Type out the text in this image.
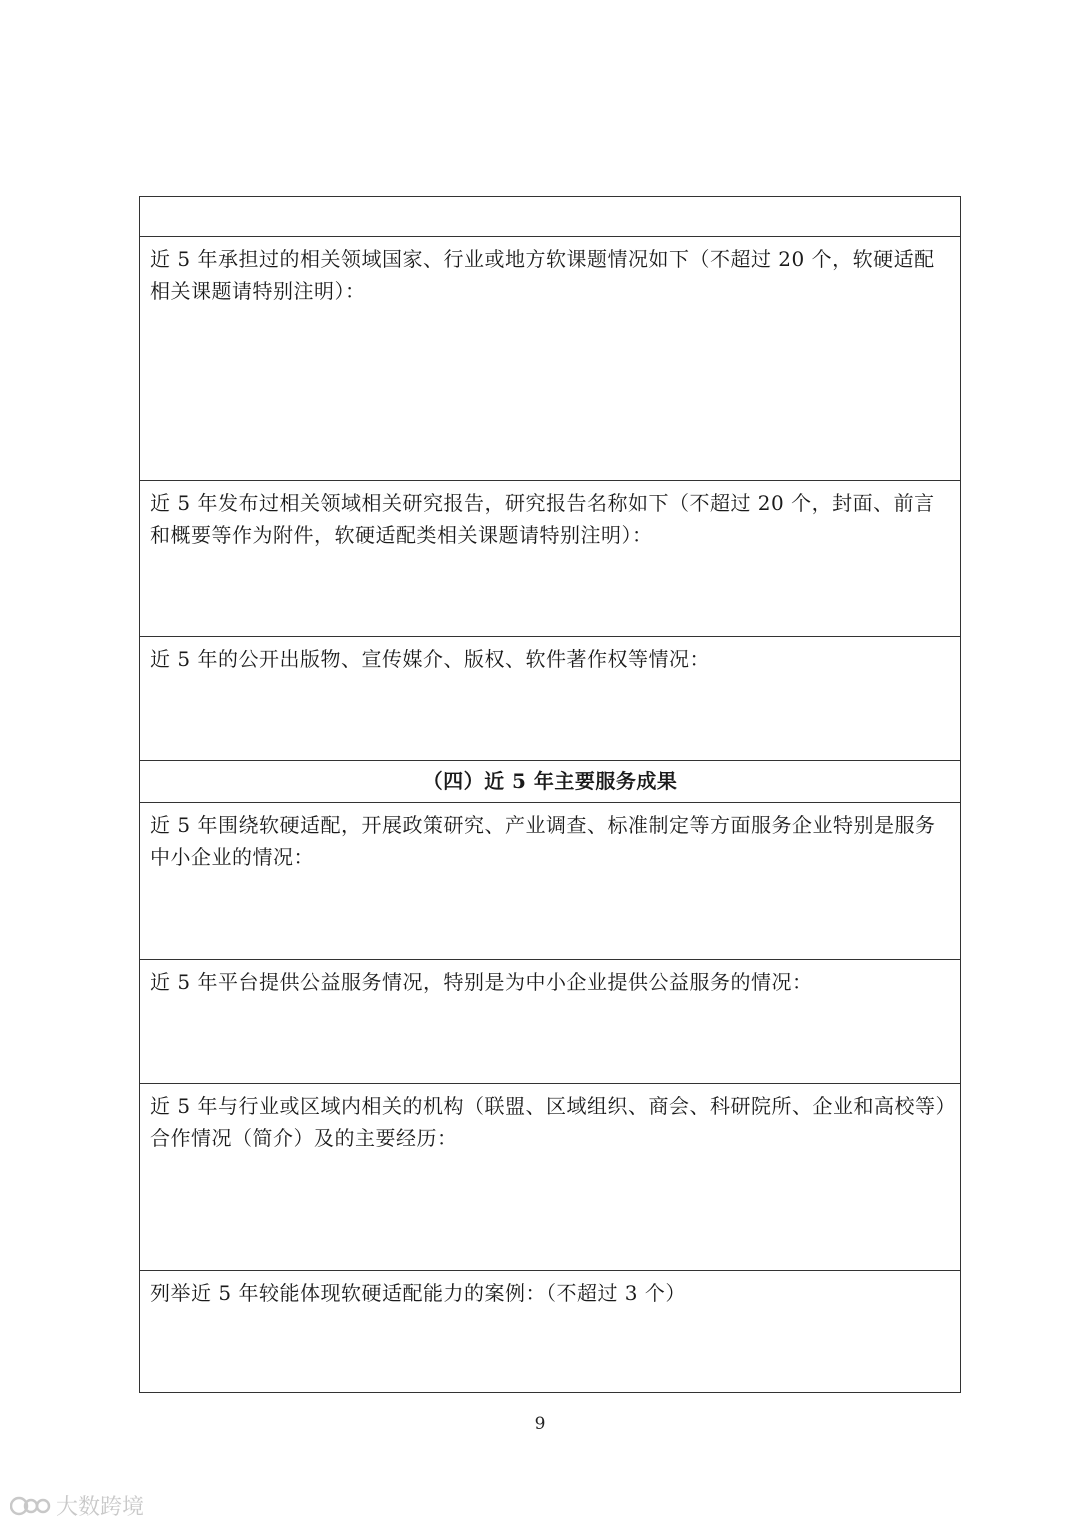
近 5 年承担过的相关领域国家、行业或地方软课题情况如下（不超过 20 个，软硬适配相关课题请特别注明）：
近 5 年发布过相关领域相关研究报告，研究报告名称如下（不超过 20 个，封面、前言和概要等作为附件，软硬适配类相关课题请特别注明）：
近 5 年的公开出版物、宣传媒介、版权、软件著作权等情况：
（四）近 5 年主要服务成果
近 5 年围绕软硬适配，开展政策研究、产业调查、标准制定等方面服务企业特别是服务中小企业的情况：
近 5 年平台提供公益服务情况，特别是为中小企业提供公益服务的情况：
近 5 年与行业或区域内相关的机构（联盟、区域组织、商会、科研院所、企业和高校等）合作情况（简介）及的主要经历：
列举近 5 年较能体现软硬适配能力的案例：（不超过 3 个）
9
大数跨境
